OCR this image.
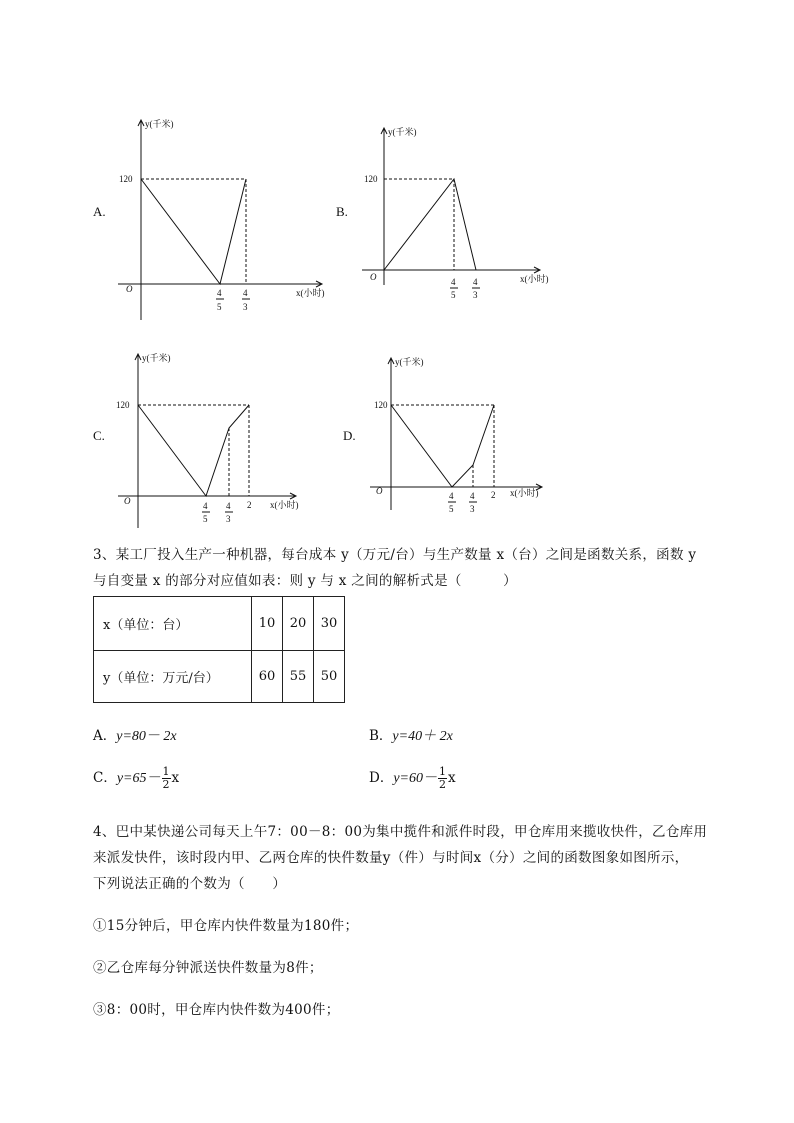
A.	B.
C.	D.
y(千米)
120
O	x(小时)
4
5
4
3
y(千米)
120
O	x(小时)
4
5
4
3
y(千米)
120
O	x(小时)
4
5
4
3
2
y(千米)
120
O	x(小时)
4
5
4
3
2
3、某工厂投入生产一种机器，每台成本 y（万元/台）与生产数量 x（台）之间是函数关系，函数 y
与自变量 x 的部分对应值如表：则 y 与 x 之间的解析式是（　　　）
x（单位：台）	10	20	30
y（单位：万元/台）	60	55	50
A．y=80－ 2x	B．y=40＋ 2x
C．$y=65- \frac{1}{2}$ x	D．$y=60- \frac{1}{2}$ x
4、巴中某快递公司每天上午7：00－8：00为集中揽件和派件时段，甲仓库用来揽收快件，乙仓库用
来派发快件，该时段内甲、乙两仓库的快件数量y（件）与时间x（分）之间的函数图象如图所示，
下列说法正确的个数为（　　）
①15分钟后，甲仓库内快件数量为180件；
②乙仓库每分钟派送快件数量为8件；
③8：00时，甲仓库内快件数为400件；
